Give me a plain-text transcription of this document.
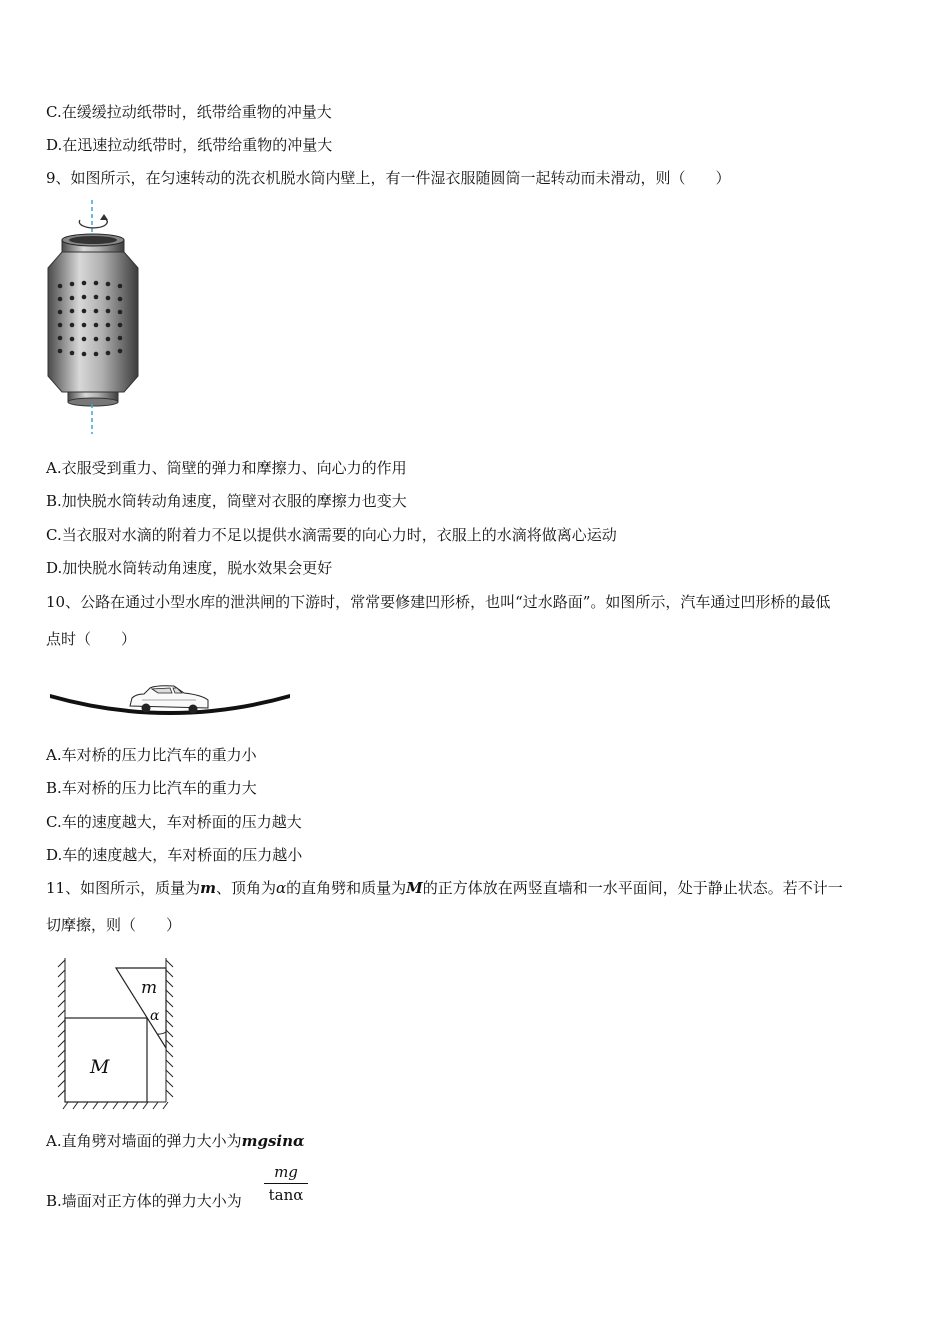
C.在缓缓拉动纸带时，纸带给重物的冲量大
D.在迅速拉动纸带时，纸带给重物的冲量大
9、如图所示，在匀速转动的洗衣机脱水筒内壁上，有一件湿衣服随圆筒一起转动而未滑动，则（　　）
A.衣服受到重力、筒壁的弹力和摩擦力、向心力的作用
B.加快脱水筒转动角速度，筒壁对衣服的摩擦力也变大
C.当衣服对水滴的附着力不足以提供水滴需要的向心力时，衣服上的水滴将做离心运动
D.加快脱水筒转动角速度，脱水效果会更好
10、公路在通过小型水库的泄洪闸的下游时，常常要修建凹形桥，也叫“过水路面”。如图所示，汽车通过凹形桥的最低
点时（　　）
A.车对桥的压力比汽车的重力小
B.车对桥的压力比汽车的重力大
C.车的速度越大，车对桥面的压力越大
D.车的速度越大，车对桥面的压力越小
11、如图所示，质量为m、顶角为α的直角劈和质量为M的正方体放在两竖直墙和一水平面间，处于静止状态。若不计一
切摩擦，则（　　）
m
α
M
A.直角劈对墙面的弹力大小为mgsinα
B.墙面对正方体的弹力大小为 $\frac{mg}{\tan\alpha}$
